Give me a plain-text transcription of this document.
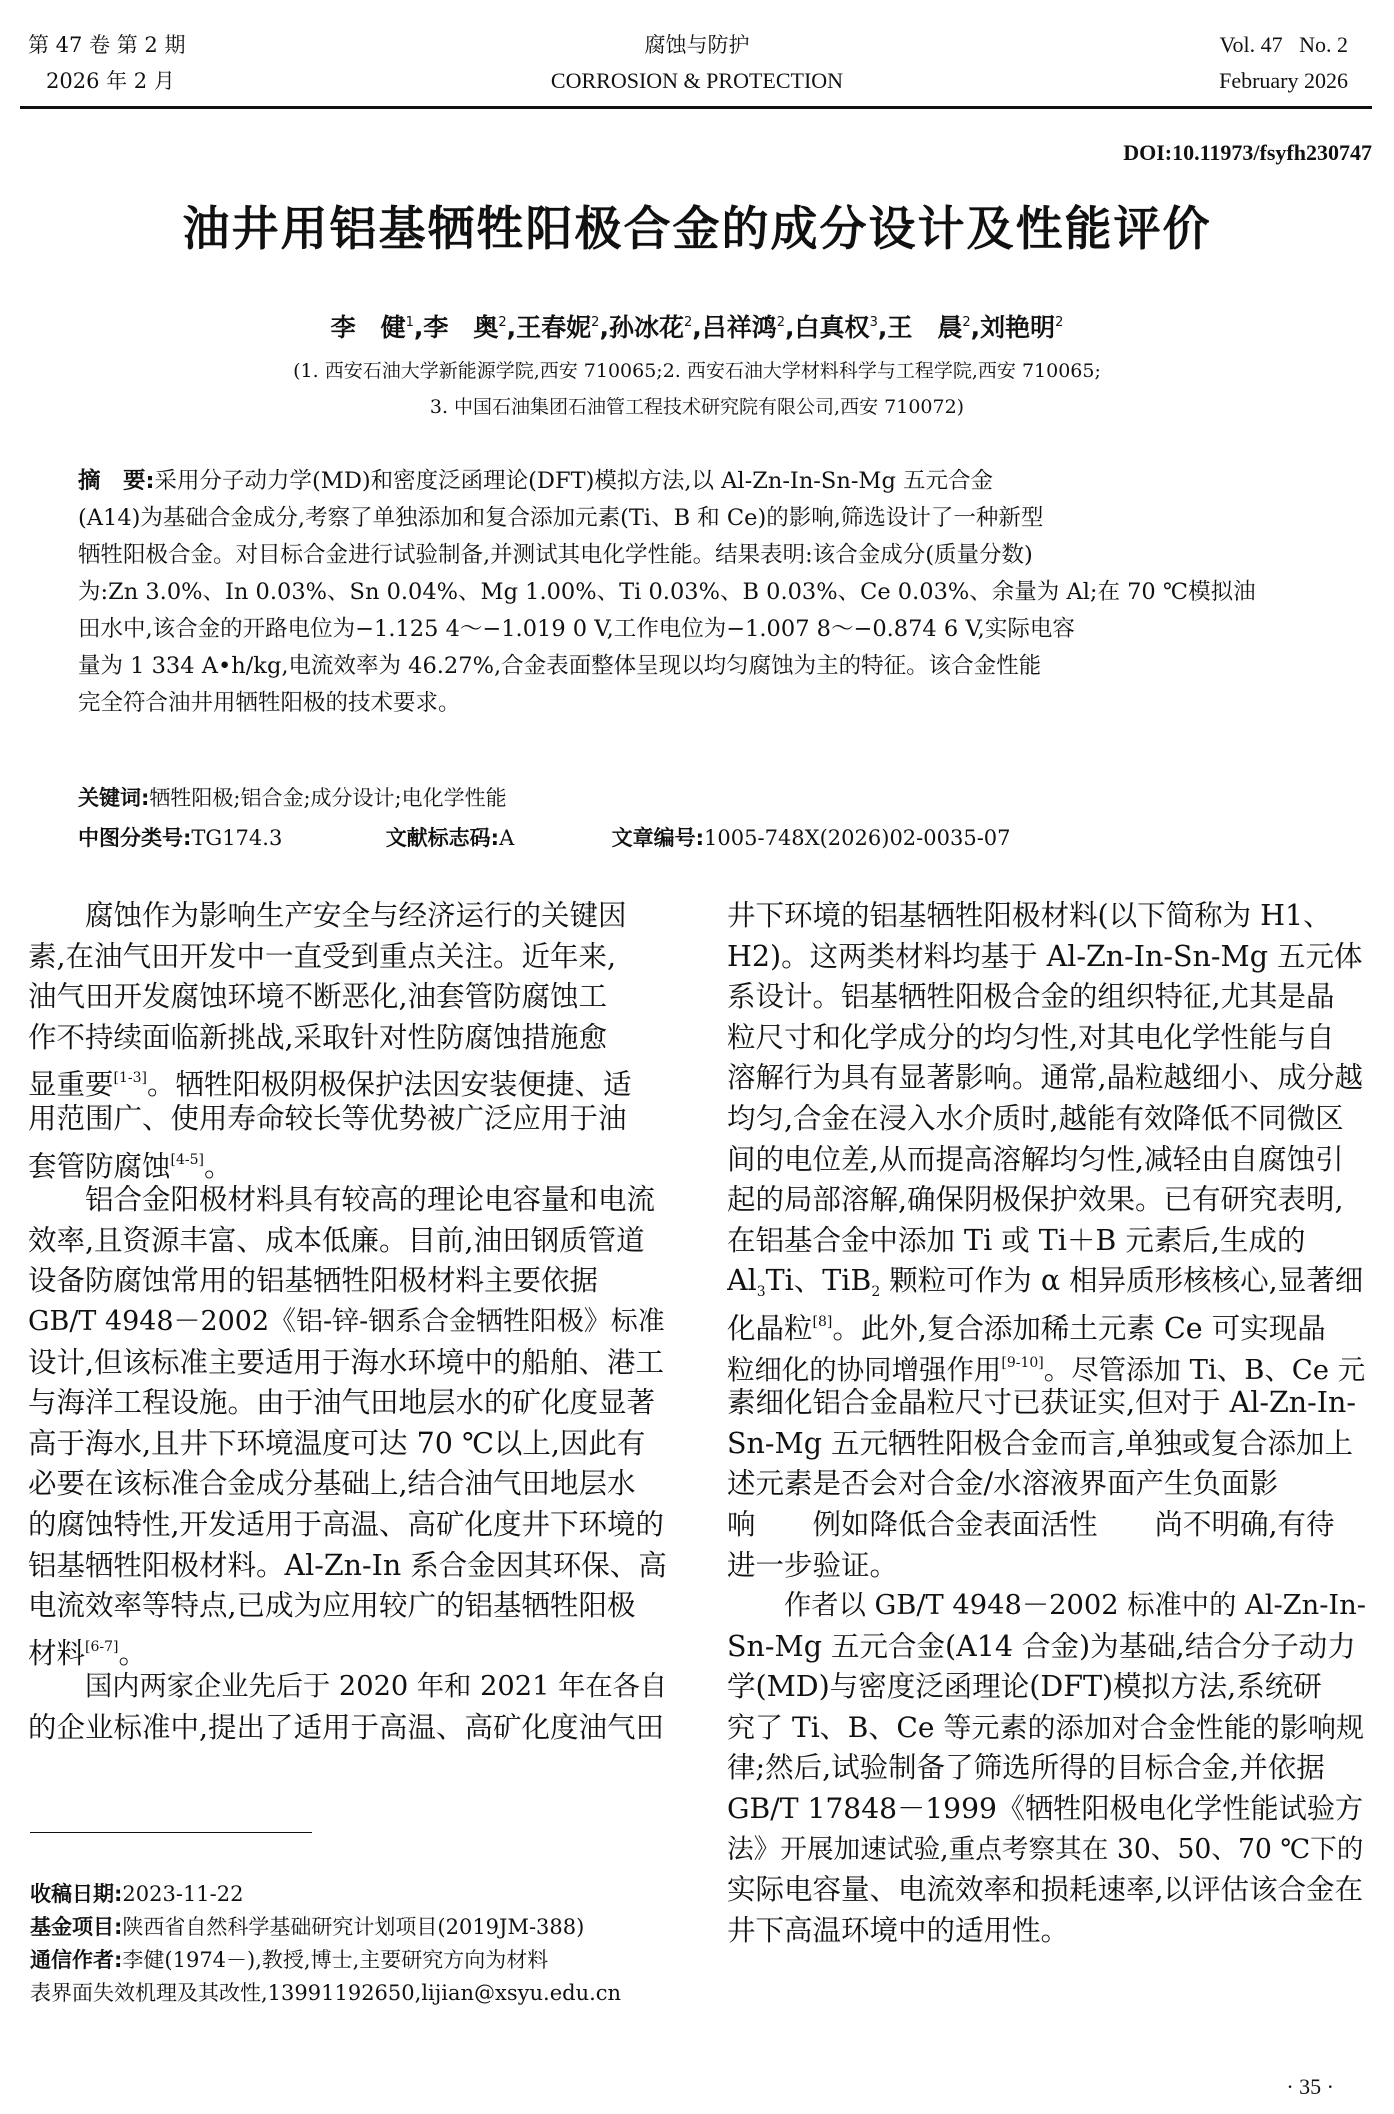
第 47 卷 第 2 期
2026 年 2 月
腐蚀与防护
CORROSION & PROTECTION
Vol. 47   No. 2
February 2026
DOI:10.11973/fsyfh230747
油井用铝基牺牲阳极合金的成分设计及性能评价
李　健$^1$,李　奥$^2$,王春妮$^2$,孙冰花$^2$,吕祥鸿$^2$,白真权$^3$,王　晨$^2$,刘艳明$^2$
(1. 西安石油大学新能源学院,西安 710065;2. 西安石油大学材料科学与工程学院,西安 710065;
3. 中国石油集团石油管工程技术研究院有限公司,西安 710072)
摘　要:采用分子动力学(MD)和密度泛函理论(DFT)模拟方法,以 Al-Zn-In-Sn-Mg 五元合金
(A14)为基础合金成分,考察了单独添加和复合添加元素(Ti、B 和 Ce)的影响,筛选设计了一种新型
牺牲阳极合金。对目标合金进行试验制备,并测试其电化学性能。结果表明:该合金成分(质量分数)
为:Zn 3.0%、In 0.03%、Sn 0.04%、Mg 1.00%、Ti 0.03%、B 0.03%、Ce 0.03%、余量为 Al;在 70 ℃模拟油
田水中,该合金的开路电位为−1.125 4～−1.019 0 V,工作电位为−1.007 8～−0.874 6 V,实际电容
量为 1 334 A•h/kg,电流效率为 46.27%,合金表面整体呈现以均匀腐蚀为主的特征。该合金性能
完全符合油井用牺牲阳极的技术要求。
关键词:牺牲阳极;铝合金;成分设计;电化学性能
中图分类号:TG174.3	文献标志码:A	文章编号:1005-748X(2026)02-0035-07
腐蚀作为影响生产安全与经济运行的关键因
素,在油气田开发中一直受到重点关注。近年来,
油气田开发腐蚀环境不断恶化,油套管防腐蚀工
作不持续面临新挑战,采取针对性防腐蚀措施愈
显重要[1-3]。牺牲阳极阴极保护法因安装便捷、适
用范围广、使用寿命较长等优势被广泛应用于油
套管防腐蚀[4-5]。
铝合金阳极材料具有较高的理论电容量和电流
效率,且资源丰富、成本低廉。目前,油田钢质管道
设备防腐蚀常用的铝基牺牲阳极材料主要依据
GB/T 4948－2002《铝-锌-铟系合金牺牲阳极》标准
设计,但该标准主要适用于海水环境中的船舶、港工
与海洋工程设施。由于油气田地层水的矿化度显著
高于海水,且井下环境温度可达 70 ℃以上,因此有
必要在该标准合金成分基础上,结合油气田地层水
的腐蚀特性,开发适用于高温、高矿化度井下环境的
铝基牺牲阳极材料。Al-Zn-In 系合金因其环保、高
电流效率等特点,已成为应用较广的铝基牺牲阳极
材料[6-7]。
国内两家企业先后于 2020 年和 2021 年在各自
的企业标准中,提出了适用于高温、高矿化度油气田
井下环境的铝基牺牲阳极材料(以下简称为 H1、
H2)。这两类材料均基于 Al-Zn-In-Sn-Mg 五元体
系设计。铝基牺牲阳极合金的组织特征,尤其是晶
粒尺寸和化学成分的均匀性,对其电化学性能与自
溶解行为具有显著影响。通常,晶粒越细小、成分越
均匀,合金在浸入水介质时,越能有效降低不同微区
间的电位差,从而提高溶解均匀性,减轻由自腐蚀引
起的局部溶解,确保阴极保护效果。已有研究表明,
在铝基合金中添加 Ti 或 Ti＋B 元素后,生成的
$Al_3Ti$、TiB$_2$ 颗粒可作为 α 相异质形核核心,显著细
化晶粒[8]。此外,复合添加稀土元素 Ce 可实现晶
粒细化的协同增强作用[9-10]。尽管添加 Ti、B、Ce 元
素细化铝合金晶粒尺寸已获证实,但对于 Al-Zn-In-
Sn-Mg 五元牺牲阳极合金而言,单独或复合添加上
述元素是否会对合金/水溶液界面产生负面影
响　　例如降低合金表面活性　　尚不明确,有待
进一步验证。
作者以 GB/T 4948－2002 标准中的 Al-Zn-In-
Sn-Mg 五元合金(A14 合金)为基础,结合分子动力
学(MD)与密度泛函理论(DFT)模拟方法,系统研
究了 Ti、B、Ce 等元素的添加对合金性能的影响规
律;然后,试验制备了筛选所得的目标合金,并依据
GB/T 17848－1999《牺牲阳极电化学性能试验方
法》开展加速试验,重点考察其在 30、50、70 ℃下的
实际电容量、电流效率和损耗速率,以评估该合金在
井下高温环境中的适用性。
收稿日期:2023-11-22
基金项目:陕西省自然科学基础研究计划项目(2019JM-388)
通信作者:李健(1974－),教授,博士,主要研究方向为材料
表界面失效机理及其改性,13991192650,lijian@xsyu.edu.cn
· 35 ·
